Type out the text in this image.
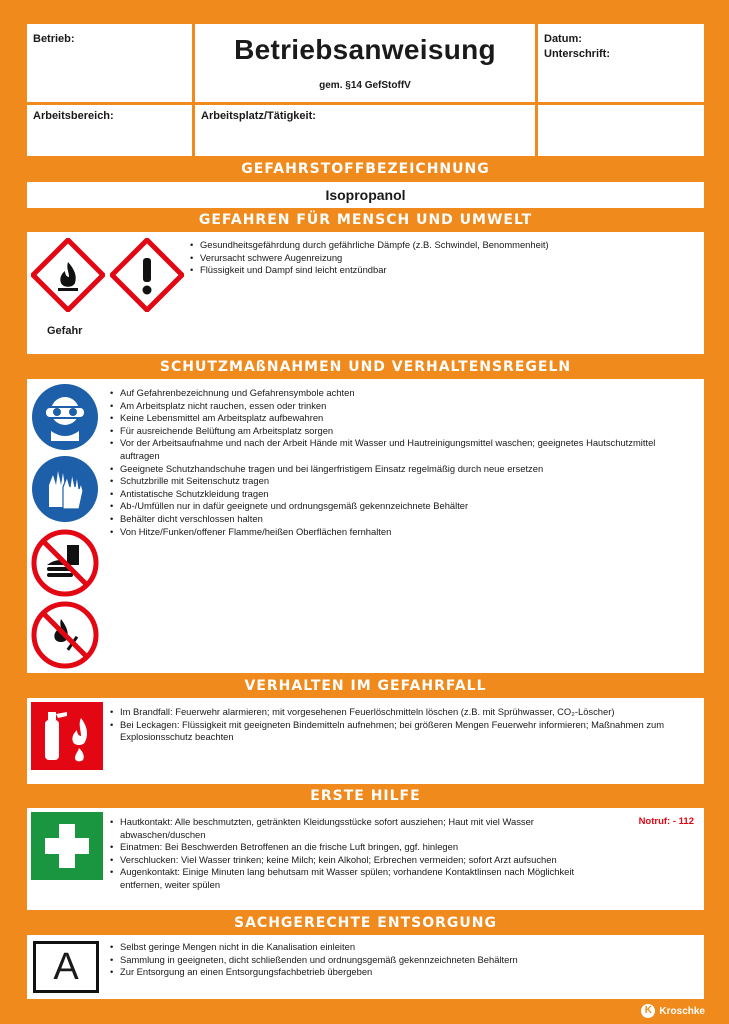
Betrieb:	Betriebsanweisung
gem. §14 GefStoffV
Datum:
Unterschrift:
Arbeitsbereich:	Arbeitsplatz/Tätigkeit:
GEFAHRSTOFFBEZEICHNUNG
Isopropanol
GEFAHREN FÜR MENSCH UND UMWELT
Gefahr
• Gesundheitsgefährdung durch gefährliche Dämpfe (z.B. Schwindel, Benommenheit)
• Verursacht schwere Augenreizung
• Flüssigkeit und Dampf sind leicht entzündbar
SCHUTZMAßNAHMEN UND VERHALTENSREGELN
• Auf Gefahrenbezeichnung und Gefahrensymbole achten
• Am Arbeitsplatz nicht rauchen, essen oder trinken
• Keine Lebensmittel am Arbeitsplatz aufbewahren
• Für ausreichende Belüftung am Arbeitsplatz sorgen
• Vor der Arbeitsaufnahme und nach der Arbeit Hände mit Wasser und Hautreinigungsmittel waschen; geeignetes Hautschutzmittel auftragen
• Geeignete Schutzhandschuhe tragen und bei längerfristigem Einsatz regelmäßig durch neue ersetzen
• Schutzbrille mit Seitenschutz tragen
• Antistatische Schutzkleidung tragen
• Ab-/Umfüllen nur in dafür geeignete und ordnungsgemäß gekennzeichnete Behälter
• Behälter dicht verschlossen halten
• Von Hitze/Funken/offener Flamme/heißen Oberflächen fernhalten
VERHALTEN IM GEFAHRFALL
• Im Brandfall: Feuerwehr alarmieren; mit vorgesehenen Feuerlöschmitteln löschen (z.B. mit Sprühwasser, CO₂-Löscher)
• Bei Leckagen: Flüssigkeit mit geeigneten Bindemitteln aufnehmen; bei größeren Mengen Feuerwehr informieren; Maßnahmen zum Explosionsschutz beachten
ERSTE HILFE
Notruf: - 112
• Hautkontakt: Alle beschmutzten, getränkten Kleidungsstücke sofort ausziehen; Haut mit viel Wasser abwaschen/duschen
• Einatmen: Bei Beschwerden Betroffenen an die frische Luft bringen, ggf. hinlegen
• Verschlucken: Viel Wasser trinken; keine Milch; kein Alkohol; Erbrechen vermeiden; sofort Arzt aufsuchen
• Augenkontakt: Einige Minuten lang behutsam mit Wasser spülen; vorhandene Kontaktlinsen nach Möglichkeit entfernen, weiter spülen
SACHGERECHTE ENTSORGUNG
A
•	Selbst geringe Mengen nicht in die Kanalisation einleiten
• Sammlung in geeigneten, dicht schließenden und ordnungsgemäß gekennzeichneten Behältern
• Zur Entsorgung an einen Entsorgungsfachbetrieb übergeben
K Kroschke
